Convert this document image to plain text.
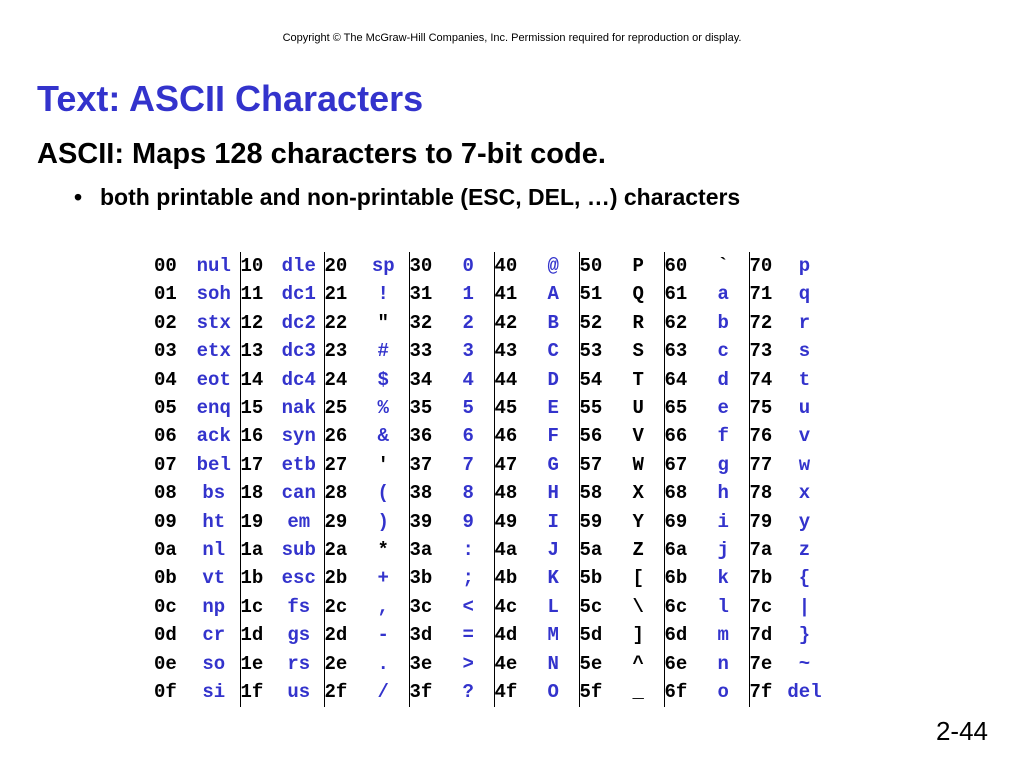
Copyright © The McGraw-Hill Companies, Inc. Permission required for reproduction or display.
Text: ASCII Characters

ASCII: Maps 128 characters to 7-bit code.

• both printable and non-printable (ESC, DEL, …) characters

00	nul	10	dle	20	sp	30	0	40	@	50	P	60	`	70	p
01	soh	11	dc1	21	!	31	1	41	A	51	Q	61	a	71	q
02	stx	12	dc2	22	"	32	2	42	B	52	R	62	b	72	r
03	etx	13	dc3	23	#	33	3	43	C	53	S	63	c	73	s
04	eot	14	dc4	24	$	34	4	44	D	54	T	64	d	74	t
05	enq	15	nak	25	%	35	5	45	E	55	U	65	e	75	u
06	ack	16	syn	26	&	36	6	46	F	56	V	66	f	76	v
07	bel	17	etb	27	'	37	7	47	G	57	W	67	g	77	w
08	bs	18	can	28	(	38	8	48	H	58	X	68	h	78	x
09	ht	19	em	29	)	39	9	49	I	59	Y	69	i	79	y
0a	nl	1a	sub	2a	*	3a	:	4a	J	5a	Z	6a	j	7a	z
0b	vt	1b	esc	2b	+	3b	;	4b	K	5b	[	6b	k	7b	{
0c	np	1c	fs	2c	,	3c	<	4c	L	5c	\	6c	l	7c	|
0d	cr	1d	gs	2d	-	3d	=	4d	M	5d	]	6d	m	7d	}
0e	so	1e	rs	2e	.	3e	>	4e	N	5e	^	6e	n	7e	~
0f	si	1f	us	2f	/	3f	?	4f	O	5f	_	6f	o	7f	del
2-44
